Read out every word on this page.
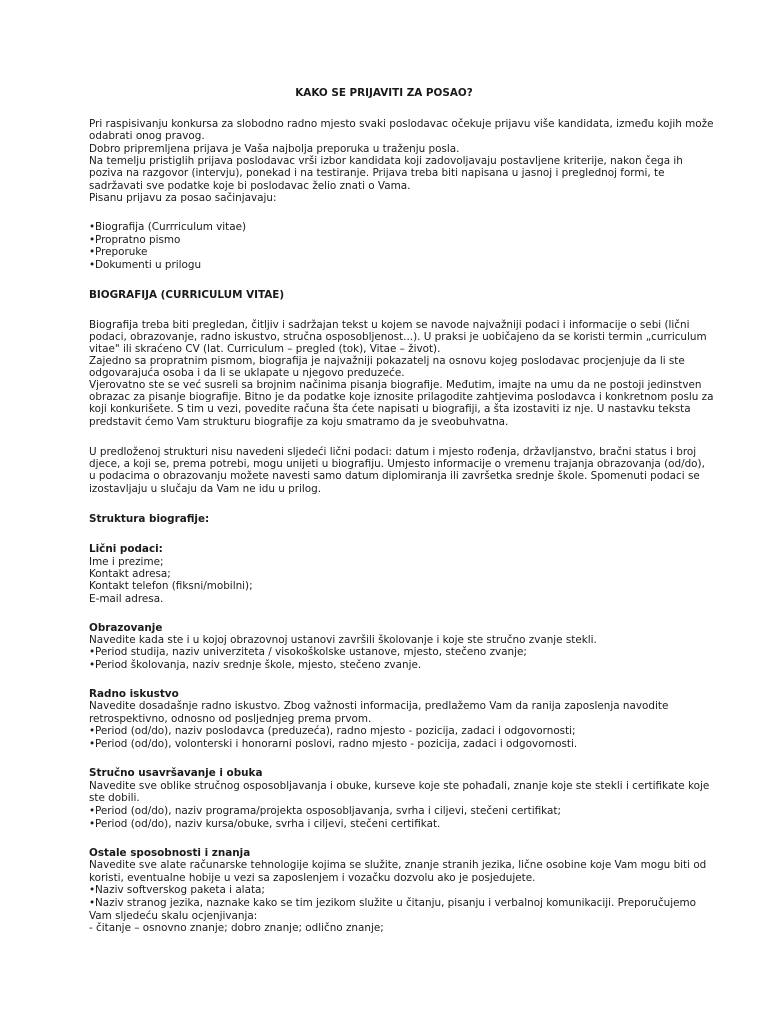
KAKO SE PRIJAVITI ZA POSAO?

Pri raspisivanju konkursa za slobodno radno mjesto svaki poslodavac očekuje prijavu više kandidata, između kojih može

odabrati onog pravog.

Dobro pripremljena prijava je Vaša najbolja preporuka u traženju posla.

Na temelju pristiglih prijava poslodavac vrši izbor kandidata koji zadovoljavaju postavljene kriterije, nakon čega ih

poziva na razgovor (intervju), ponekad i na testiranje. Prijava treba biti napisana u jasnoj i preglednoj formi, te

sadržavati sve podatke koje bi poslodavac želio znati o Vama.

Pisanu prijavu za posao sačinjavaju:

• Biografija (Currriculum vitae)

• Propratno pismo

• Preporuke

• Dokumenti u prilogu

BIOGRAFIJA (CURRICULUM VITAE)

Biografija treba biti pregledan, čitljiv i sadržajan tekst u kojem se navode najvažniji podaci i informacije o sebi (lični

podaci, obrazovanje, radno iskustvo, stručna osposobljenost...). U praksi je uobičajeno da se koristi termin „curriculum

vitae" ili skraćeno CV (lat. Curriculum – pregled (tok), Vitae – život).

Zajedno sa propratnim pismom, biografija je najvažniji pokazatelj na osnovu kojeg poslodavac procjenjuje da li ste

odgovarajuća osoba i da li se uklapate u njegovo preduzeće.

Vjerovatno ste se već susreli sa brojnim načinima pisanja biografije. Međutim, imajte na umu da ne postoji jedinstven

obrazac za pisanje biografije. Bitno je da podatke koje iznosite prilagodite zahtjevima poslodavca i konkretnom poslu za

koji konkurišete. S tim u vezi, povedite računa šta ćete napisati u biografiji, a šta izostaviti iz nje. U nastavku teksta

predstavit ćemo Vam strukturu biografije za koju smatramo da je sveobuhvatna.

U predloženoj strukturi nisu navedeni sljedeći lični podaci: datum i mjesto rođenja, državljanstvo, bračni status i broj

djece, a koji se, prema potrebi, mogu unijeti u biografiju. Umjesto informacije o vremenu trajanja obrazovanja (od/do),

u podacima o obrazovanju možete navesti samo datum diplomiranja ili završetka srednje škole. Spomenuti podaci se

izostavljaju u slučaju da Vam ne idu u prilog.

Struktura biografije:

Lični podaci:

Ime i prezime;

Kontakt adresa;

Kontakt telefon (fiksni/mobilni);

E-mail adresa.

Obrazovanje

Navedite kada ste i u kojoj obrazovnoj ustanovi završili školovanje i koje ste stručno zvanje stekli.

• Period studija, naziv univerziteta / visokoškolske ustanove, mjesto, stečeno zvanje;

• Period školovanja, naziv srednje škole, mjesto, stečeno zvanje.

Radno iskustvo

Navedite dosadašnje radno iskustvo. Zbog važnosti informacija, predlažemo Vam da ranija zaposlenja navodite

retrospektivno, odnosno od posljednjeg prema prvom.

• Period (od/do), naziv poslodavca (preduzeća), radno mjesto - pozicija, zadaci i odgovornosti;

• Period (od/do), volonterski i honorarni poslovi, radno mjesto - pozicija, zadaci i odgovornosti.

Stručno usavršavanje i obuka

Navedite sve oblike stručnog osposobljavanja i obuke, kurseve koje ste pohađali, znanje koje ste stekli i certifikate koje

ste dobili.

• Period (od/do), naziv programa/projekta osposobljavanja, svrha i ciljevi, stečeni certifikat;

• Period (od/do), naziv kursa/obuke, svrha i ciljevi, stečeni certifikat.

Ostale sposobnosti i znanja

Navedite sve alate računarske tehnologije kojima se služite, znanje stranih jezika, lične osobine koje Vam mogu biti od

koristi, eventualne hobije u vezi sa zaposlenjem i vozačku dozvolu ako je posjedujete.

• Naziv softverskog paketa i alata;

• Naziv stranog jezika, naznake kako se tim jezikom služite u čitanju, pisanju i verbalnoj komunikaciji. Preporučujemo

Vam sljedeću skalu ocjenjivanja:

- čitanje – osnovno znanje; dobro znanje; odlično znanje;
